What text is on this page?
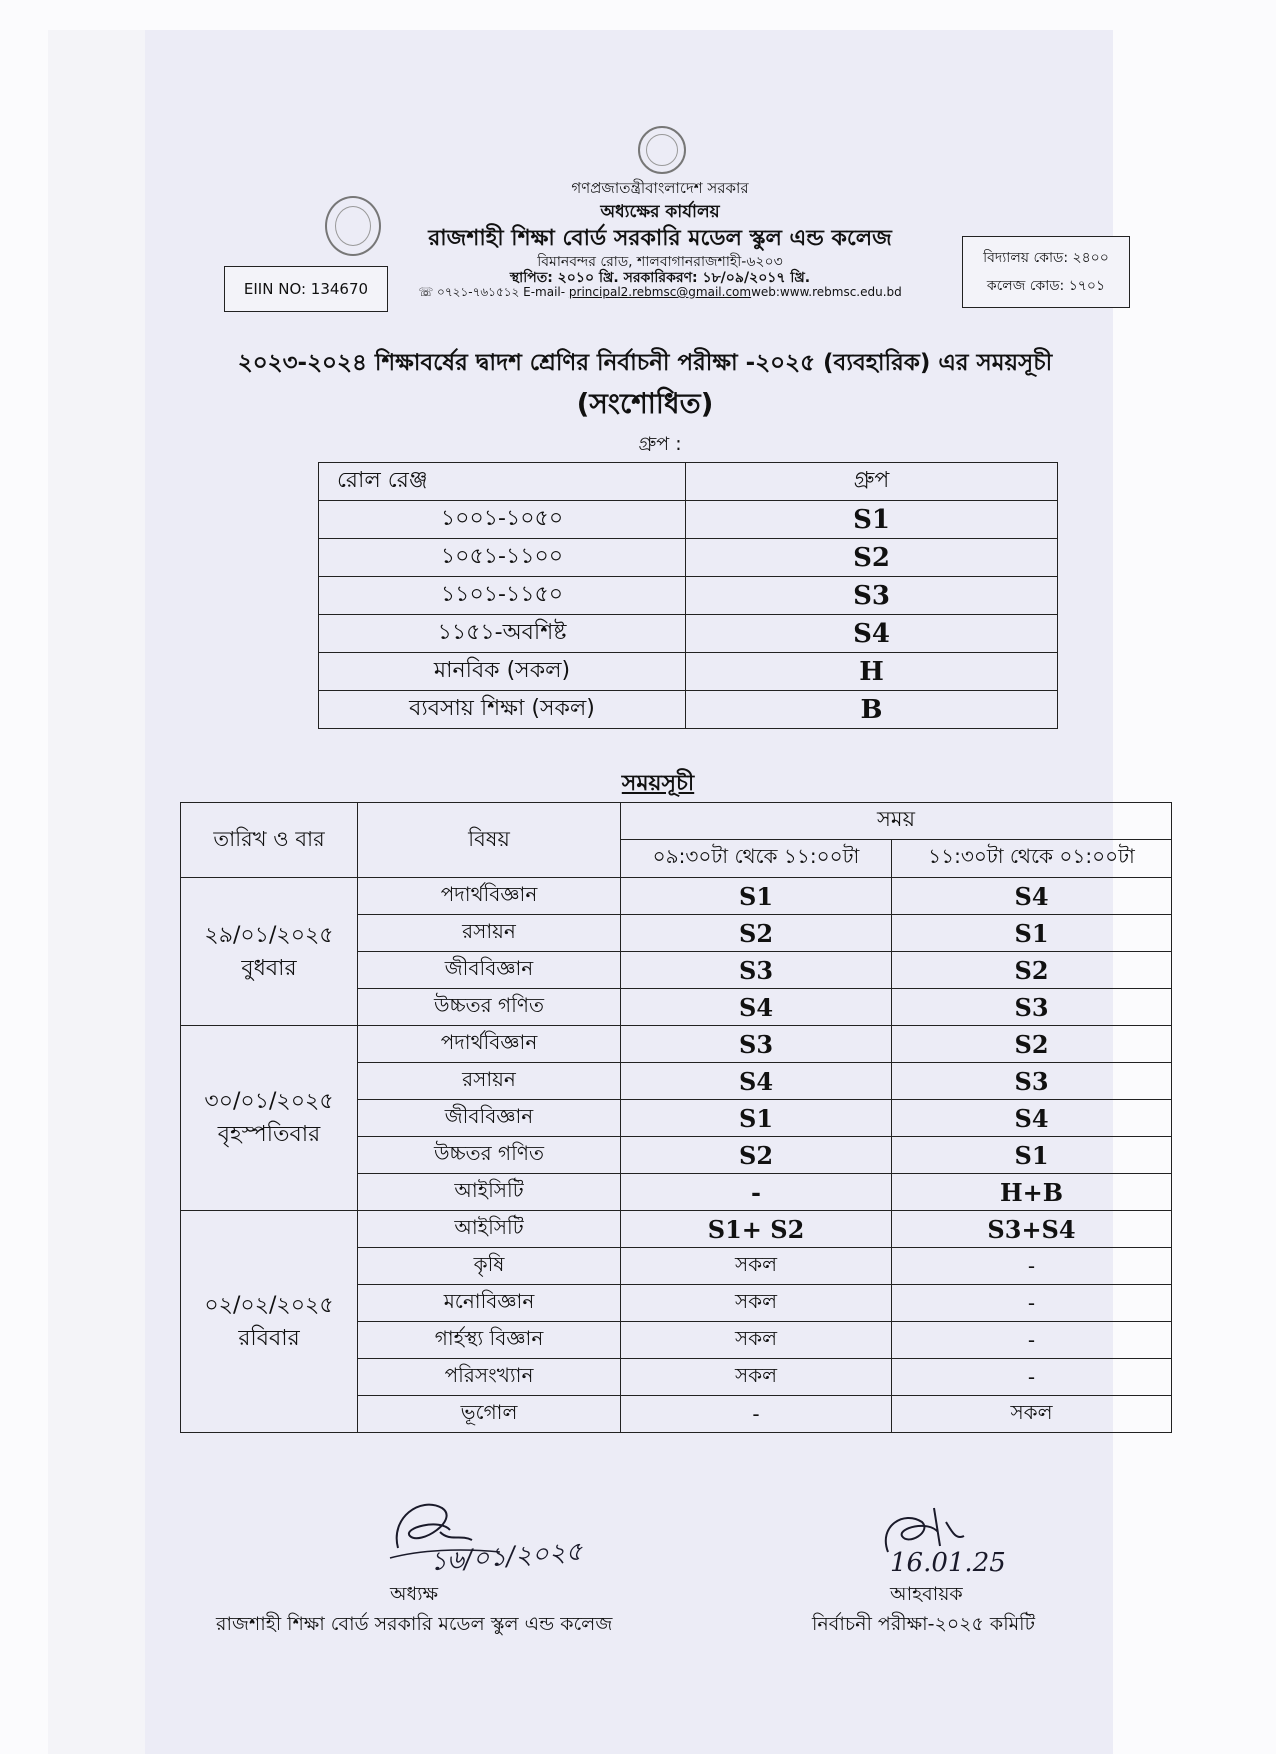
গণপ্রজাতন্ত্রীবাংলাদেশ সরকার
অধ্যক্ষের কার্যালয়
রাজশাহী শিক্ষা বোর্ড সরকারি মডেল স্কুল এন্ড কলেজ
বিমানবন্দর রোড, শালবাগানরাজশাহী-৬২০৩
স্থাপিত: ২০১০ খ্রি. সরকারিকরণ: ১৮/০৯/২০১৭ খ্রি.
☏ ০৭২১-৭৬১৫১২ E-mail- principal2.rebmsc@gmail.comweb:www.rebmsc.edu.bd
EIIN NO: 134670
বিদ্যালয় কোড: ২৪০০
কলেজ কোড: ১৭০১
২০২৩-২০২৪ শিক্ষাবর্ষের দ্বাদশ শ্রেণির নির্বাচনী পরীক্ষা -২০২৫ (ব্যবহারিক) এর সময়সূচী
(সংশোধিত)
গ্রুপ :
রোল রেঞ্জ	গ্রুপ
১০০১-১০৫০	S1
১০৫১-১১০০	S2
১১০১-১১৫০	S3
১১৫১-অবশিষ্ট	S4
মানবিক (সকল)	H
ব্যবসায় শিক্ষা (সকল)	B
সময়সূচী
তারিখ ও বার	বিষয়	সময়	
		০৯:৩০টা থেকে ১১:০০টা	১১:৩০টা থেকে ০১:০০টা

২৯/০১/২০২৫
বুধবার	পদার্থবিজ্ঞান	S1	S4
	রসায়ন	S2	S1
	জীববিজ্ঞান	S3	S2
	উচ্চতর গণিত	S4	S3

৩০/০১/২০২৫
বৃহস্পতিবার	পদার্থবিজ্ঞান	S3	S2
	রসায়ন	S4	S3
	জীববিজ্ঞান	S1	S4
	উচ্চতর গণিত	S2	S1
	আইসিটি	-	H+B

০২/০২/২০২৫
রবিবার	আইসিটি	S1+ S2	S3+S4
	কৃষি	সকল	-
	মনোবিজ্ঞান	সকল	-
	গার্হস্থ্য বিজ্ঞান	সকল	-
	পরিসংখ্যান	সকল	-
	ভূগোল	-	সকল
১৬/০১/২০২৫	16.01.25
অধ্যক্ষ
রাজশাহী শিক্ষা বোর্ড সরকারি মডেল স্কুল এন্ড কলেজ
আহবায়ক
নির্বাচনী পরীক্ষা-২০২৫ কমিটি
